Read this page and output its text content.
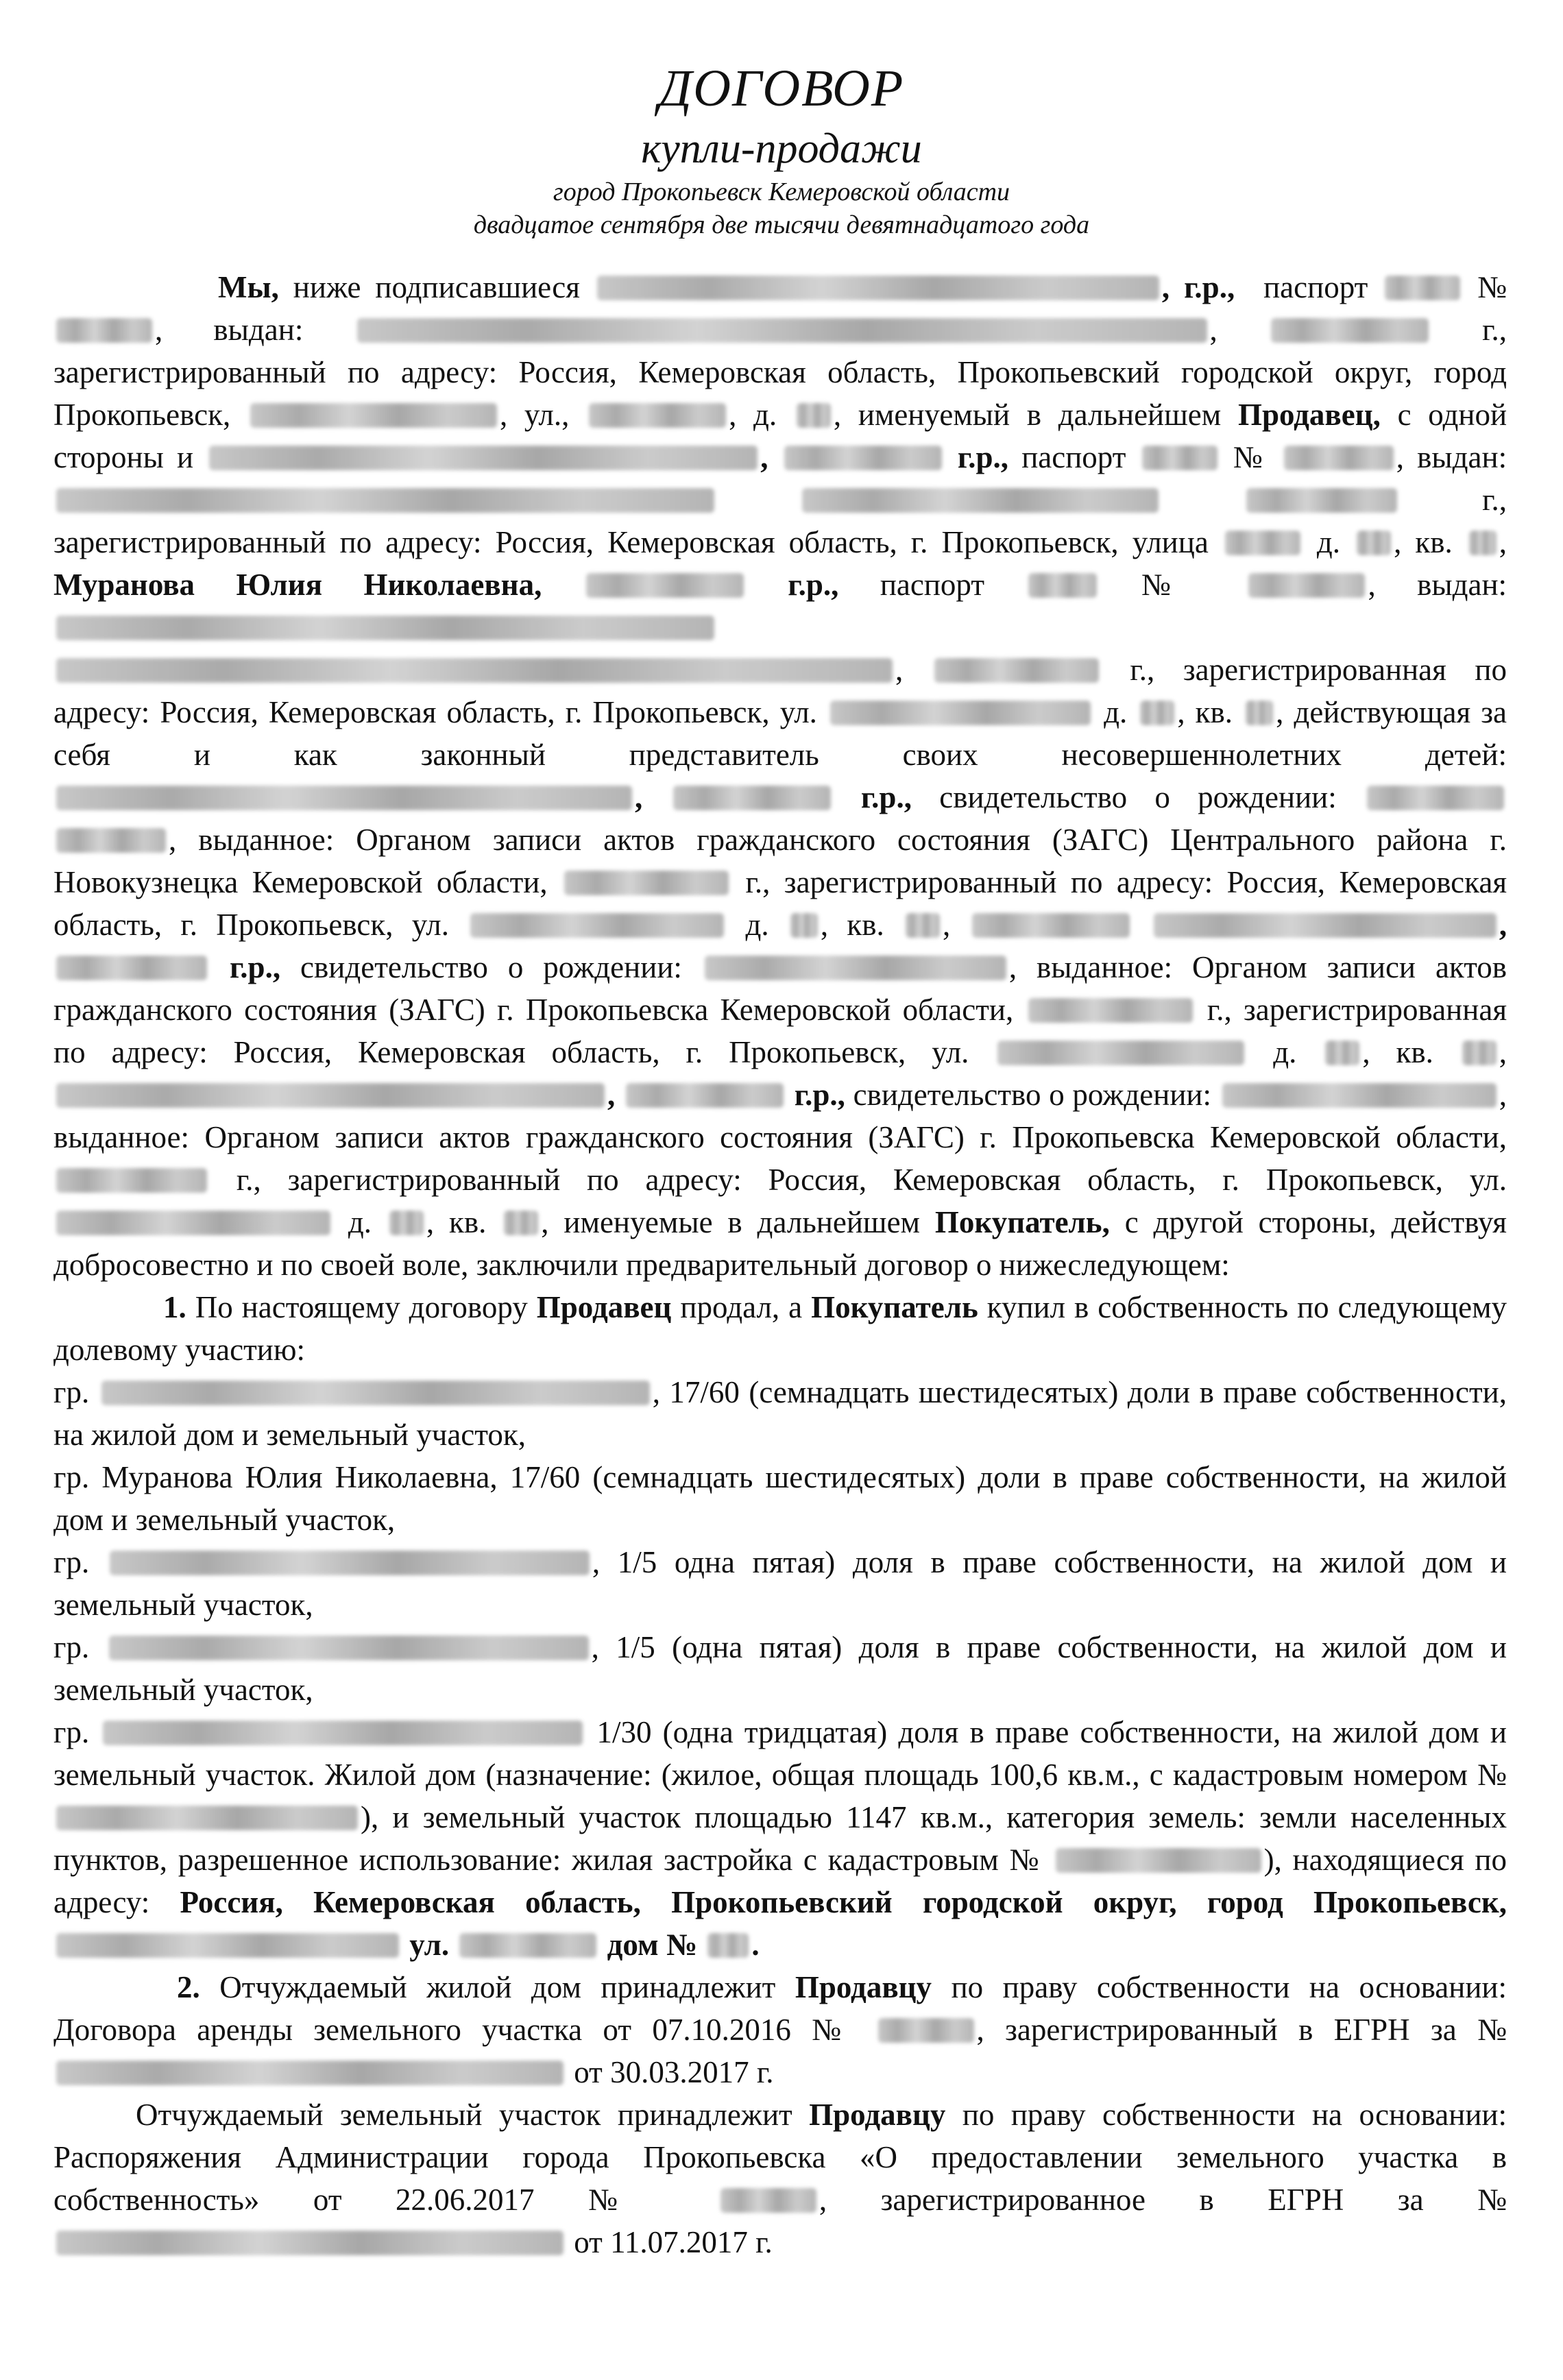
ДОГОВОР
купли-продажи
город Прокопьевск Кемеровской области
двадцатое сентября две тысячи девятнадцатого года

Мы, ниже подписавшиеся	, г.р., паспорт	№ , выдан:	,	г., зарегистрированный по адресу: Россия, Кемеровская область, Прокопьевский городской округ, город Прокопьевск,	, ул.,	, д. , именуемый в дальнейшем Продавец, с одной стороны и	,	г.р., паспорт	№	, выдан:    г., зарегистрированный по адресу: Россия, Кемеровская область, г. Прокопьевск, улица	д. , кв. , Муранова Юлия Николаевна,	г.р., паспорт	№	, выдан:  ,	г., зарегистрированная по адресу: Россия, Кемеровская область, г. Прокопьевск, ул.	д. , кв. , действующая за себя и как законный представитель своих несовершеннолетних детей: ,	г.р., свидетельство о рождении:  , выданное: Органом записи актов гражданского состояния (ЗАГС) Центрального района г. Новокузнецка Кемеровской области,	г., зарегистрированный по адресу: Россия, Кемеровская область, г. Прокопьевск, ул.	д. , кв. ,	,  г.р., свидетельство о рождении:	, выданное: Органом записи актов гражданского состояния (ЗАГС) г. Прокопьевска Кемеровской области,	г., зарегистрированная по адресу: Россия, Кемеровская область, г. Прокопьевск, ул.	д. , кв. , ,	г.р., свидетельство о рождении:	, выданное: Органом записи актов гражданского состояния (ЗАГС) г. Прокопьевска Кемеровской области,  г., зарегистрированный по адресу: Россия, Кемеровская область, г. Прокопьевск, ул.  д. , кв. , именуемые в дальнейшем Покупатель, с другой стороны, действуя добросовестно и по своей воле, заключили предварительный договор о нижеследующем:

1. По настоящему договору Продавец продал, а Покупатель купил в собственность по следующему долевому участию:

гр.	, 17/60 (семнадцать шестидесятых) доли в праве собственности, на жилой дом и земельный участок,

гр. Муранова Юлия Николаевна, 17/60 (семнадцать шестидесятых) доли в праве собственности, на жилой дом и земельный участок,

гр.	, 1/5 одна пятая) доля в праве собственности, на жилой дом и земельный участок,

гр.	, 1/5 (одна пятая) доля в праве собственности, на жилой дом и земельный участок,

гр.	1/30 (одна тридцатая) доля в праве собственности, на жилой дом и земельный участок. Жилой дом (назначение: (жилое, общая площадь 100,6 кв.м., с кадастровым номером № ), и земельный участок площадью 1147 кв.м., категория земель: земли населенных пунктов, разрешенное использование: жилая застройка с кадастровым №	), находящиеся по адресу: Россия, Кемеровская область, Прокопьевский городской округ, город Прокопьевск,  ул.	дом № .

2. Отчуждаемый жилой дом принадлежит Продавцу по праву собственности на основании: Договора аренды земельного участка от 07.10.2016 №	, зарегистрированный в ЕГРН за №  от 30.03.2017 г.

Отчуждаемый земельный участок принадлежит Продавцу по праву собственности на основании: Распоряжения Администрации города Прокопьевска «О предоставлении земельного участка в собственность» от 22.06.2017 №	, зарегистрированное в ЕГРН за №  от 11.07.2017 г.
